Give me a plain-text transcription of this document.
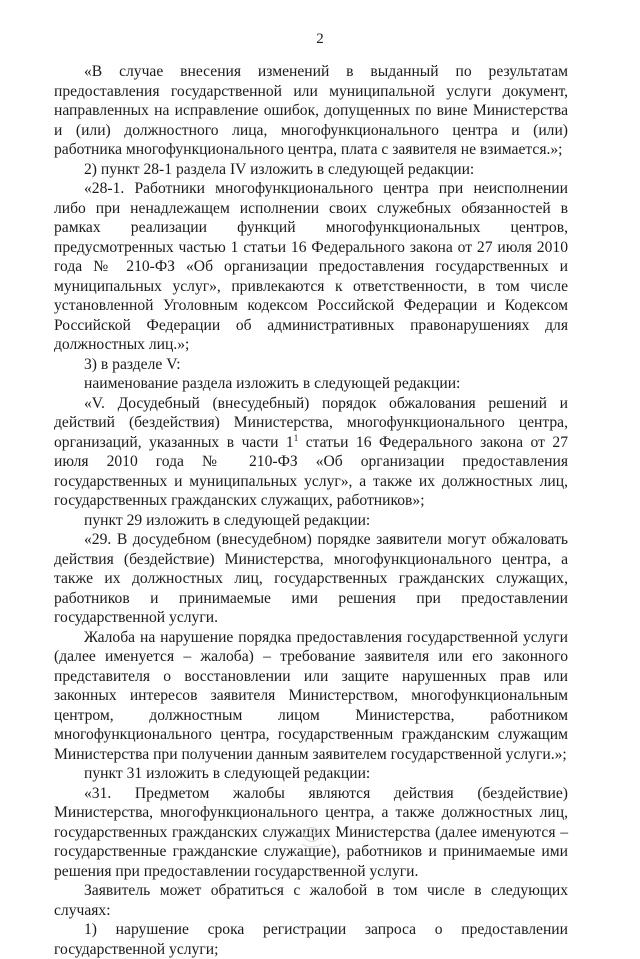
2

«В случае внесения изменений в выданный по результатам предоставления государственной или муниципальной услуги документ, направленных на исправление ошибок, допущенных по вине Министерства и (или) должностного лица, многофункционального центра и (или) работника многофункционального центра, плата с заявителя не взимается.»;

2) пункт 28-1 раздела IV изложить в следующей редакции:

«28-1. Работники многофункционального центра при неисполнении либо при ненадлежащем исполнении своих служебных обязанностей в рамках реализации функций многофункциональных центров, предусмотренных частью 1 статьи 16 Федерального закона от 27 июля 2010 года № 210-ФЗ «Об организации предоставления государственных и муниципальных услуг», привлекаются к ответственности, в том числе установленной Уголовным кодексом Российской Федерации и Кодексом Российской Федерации об административных правонарушениях для должностных лиц.»;

3) в разделе V:

наименование раздела изложить в следующей редакции:

«V. Досудебный (внесудебный) порядок обжалования решений и действий (бездействия) Министерства, многофункционального центра, организаций, указанных в части $1^1$ статьи 16 Федерального закона от 27 июля 2010 года № 210-ФЗ «Об организации предоставления государственных и муниципальных услуг», а также их должностных лиц, государственных гражданских служащих, работников»;

пункт 29 изложить в следующей редакции:

«29. В досудебном (внесудебном) порядке заявители могут обжаловать действия (бездействие) Министерства, многофункционального центра, а также их должностных лиц, государственных гражданских служащих, работников и принимаемые ими решения при предоставлении государственной услуги.

Жалоба на нарушение порядка предоставления государственной услуги (далее именуется – жалоба) – требование заявителя или его законного представителя о восстановлении или защите нарушенных прав или законных интересов заявителя Министерством, многофункциональным центром, должностным лицом Министерства, работником многофункционального центра, государственным гражданским служащим Министерства при получении данным заявителем государственной услуги.»;

пункт 31 изложить в следующей редакции:

«31. Предметом жалобы являются действия (бездействие) Министерства, многофункционального центра, а также должностных лиц, государственных гражданских служащих Министерства (далее именуются – государственные гражданские служащие), работников и принимаемые ими решения при предоставлении государственной услуги.

Заявитель может обратиться с жалобой в том числе в следующих случаях:

1) нарушение срока регистрации запроса о предоставлении государственной услуги;
